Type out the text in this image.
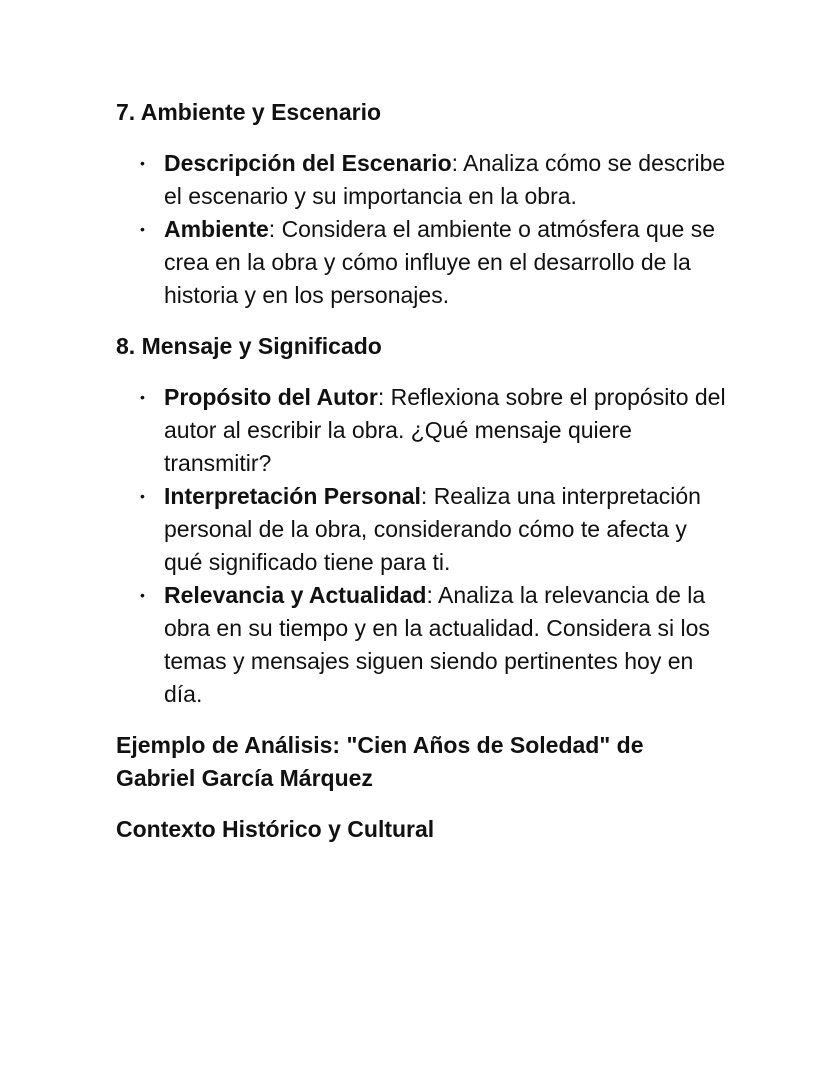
7. Ambiente y Escenario
• Descripción del Escenario: Analiza cómo se describe el escenario y su importancia en la obra.
• Ambiente: Considera el ambiente o atmósfera que se crea en la obra y cómo influye en el desarrollo de la historia y en los personajes.
8. Mensaje y Significado
• Propósito del Autor: Reflexiona sobre el propósito del autor al escribir la obra. ¿Qué mensaje quiere transmitir?
• Interpretación Personal: Realiza una interpretación personal de la obra, considerando cómo te afecta y qué significado tiene para ti.
• Relevancia y Actualidad: Analiza la relevancia de la obra en su tiempo y en la actualidad. Considera si los temas y mensajes siguen siendo pertinentes hoy en día.
Ejemplo de Análisis: "Cien Años de Soledad" de Gabriel García Márquez
Contexto Histórico y Cultural
